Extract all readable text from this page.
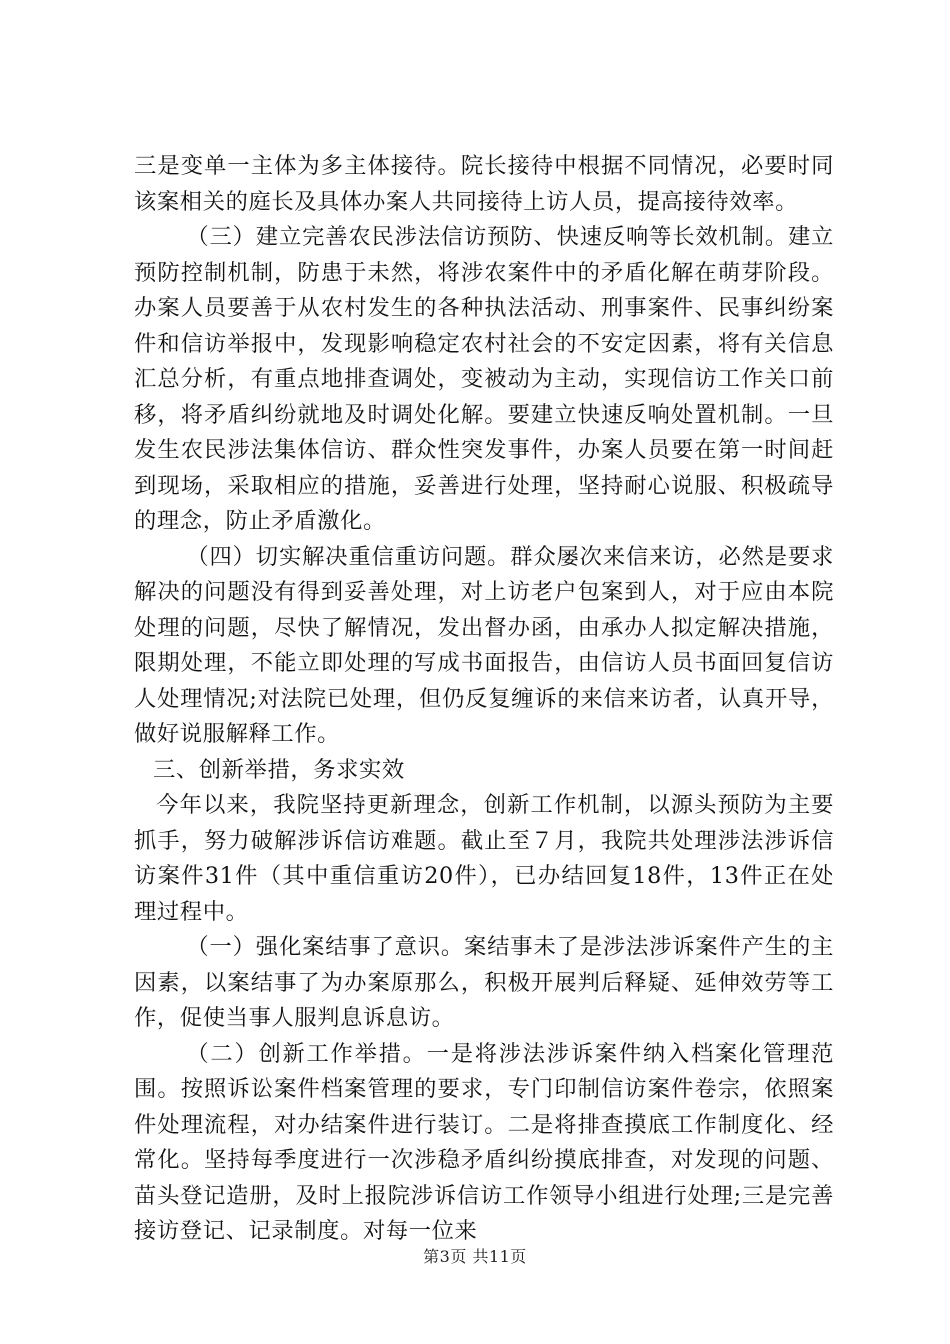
三是变单一主体为多主体接待。院长接待中根据不同情况，必要时同该案相关的庭长及具体办案人共同接待上访人员，提高接待效率。

（三）建立完善农民涉法信访预防、快速反响等长效机制。建立预防控制机制，防患于未然，将涉农案件中的矛盾化解在萌芽阶段。办案人员要善于从农村发生的各种执法活动、刑事案件、民事纠纷案件和信访举报中，发现影响稳定农村社会的不安定因素，将有关信息汇总分析，有重点地排查调处，变被动为主动，实现信访工作关口前移，将矛盾纠纷就地及时调处化解。要建立快速反响处置机制。一旦发生农民涉法集体信访、群众性突发事件，办案人员要在第一时间赶到现场，采取相应的措施，妥善进行处理，坚持耐心说服、积极疏导的理念，防止矛盾激化。

（四）切实解决重信重访问题。群众屡次来信来访，必然是要求解决的问题没有得到妥善处理，对上访老户包案到人，对于应由本院处理的问题，尽快了解情况，发出督办函，由承办人拟定解决措施，限期处理，不能立即处理的写成书面报告，由信访人员书面回复信访人处理情况;对法院已处理，但仍反复缠诉的来信来访者，认真开导，做好说服解释工作。

三、创新举措，务求实效

今年以来，我院坚持更新理念，创新工作机制，以源头预防为主要抓手，努力破解涉诉信访难题。截止至７月，我院共处理涉法涉诉信访案件31件（其中重信重访20件），已办结回复18件，13件正在处理过程中。

（一）强化案结事了意识。案结事未了是涉法涉诉案件产生的主因素，以案结事了为办案原那么，积极开展判后释疑、延伸效劳等工作，促使当事人服判息诉息访。

（二）创新工作举措。一是将涉法涉诉案件纳入档案化管理范围。按照诉讼案件档案管理的要求，专门印制信访案件卷宗，依照案件处理流程，对办结案件进行装订。二是将排查摸底工作制度化、经常化。坚持每季度进行一次涉稳矛盾纠纷摸底排查，对发现的问题、苗头登记造册，及时上报院涉诉信访工作领导小组进行处理;三是完善接访登记、记录制度。对每一位来

第3页 共11页
